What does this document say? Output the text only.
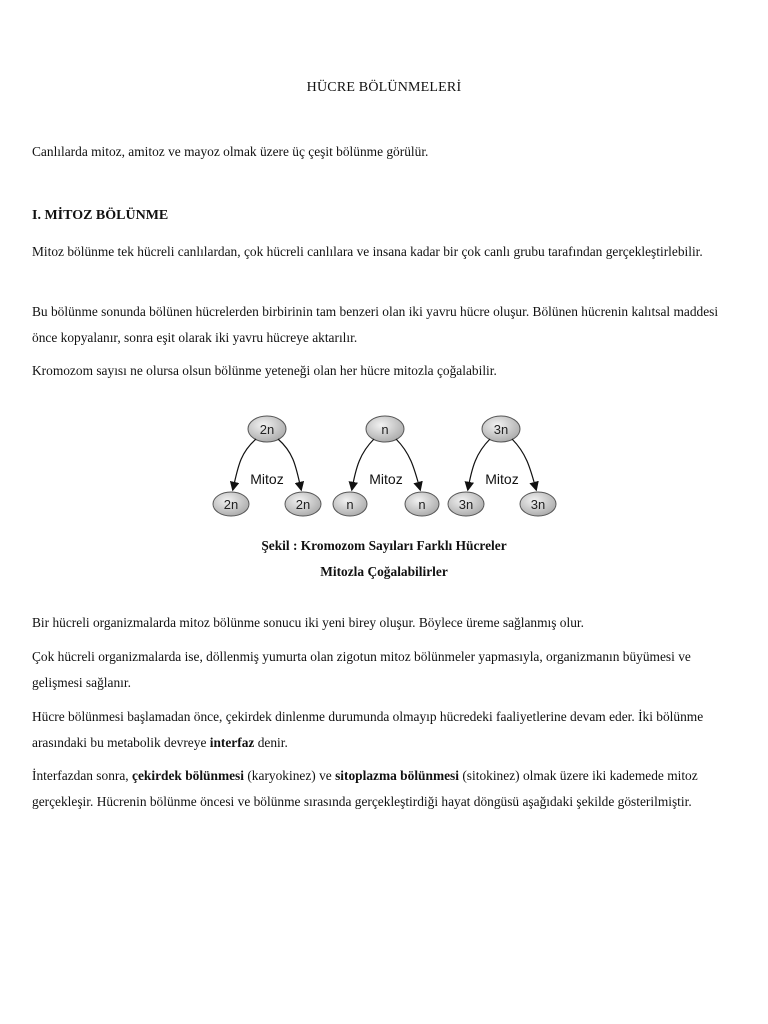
HÜCRE BÖLÜNMELERİ

Canlılarda mitoz, amitoz ve mayoz olmak üzere üç çeşit bölünme görülür.

I. MİTOZ BÖLÜNME

Mitoz bölünme tek hücreli canlılardan, çok hücreli canlılara ve insana kadar bir çok canlı grubu tarafından gerçekleştirlebilir.

Bu bölünme sonunda bölünen hücrelerden birbirinin tam benzeri olan iki yavru hücre oluşur. Bölünen hücrenin kalıtsal maddesi önce kopyalanır, sonra eşit olarak iki yavru hücreye aktarılır.

Kromozom sayısı ne olursa olsun bölünme yeteneği olan her hücre mitozla çoğalabilir.

2n
Mitoz
2n	2n
n
Mitoz
n	n
3n
Mitoz
3n	3n
Şekil : Kromozom Sayıları Farklı Hücreler
Mitozla Çoğalabilirler

Bir hücreli organizmalarda mitoz bölünme sonucu iki yeni birey oluşur. Böylece üreme sağlanmış olur.

Çok hücreli organizmalarda ise, döllenmiş yumurta olan zigotun mitoz bölünmeler yapmasıyla, organizmanın büyümesi ve gelişmesi sağlanır.

Hücre bölünmesi başlamadan önce, çekirdek dinlenme durumunda olmayıp hücredeki faaliyetlerine devam eder. İki bölünme arasındaki bu metabolik devreye interfaz denir.

İnterfazdan sonra, çekirdek bölünmesi (karyokinez) ve sitoplazma bölünmesi (sitokinez) olmak üzere iki kademede mitoz gerçekleşir. Hücrenin bölünme öncesi ve bölünme sırasında gerçekleştirdiği hayat döngüsü aşağıdaki şekilde gösterilmiştir.
